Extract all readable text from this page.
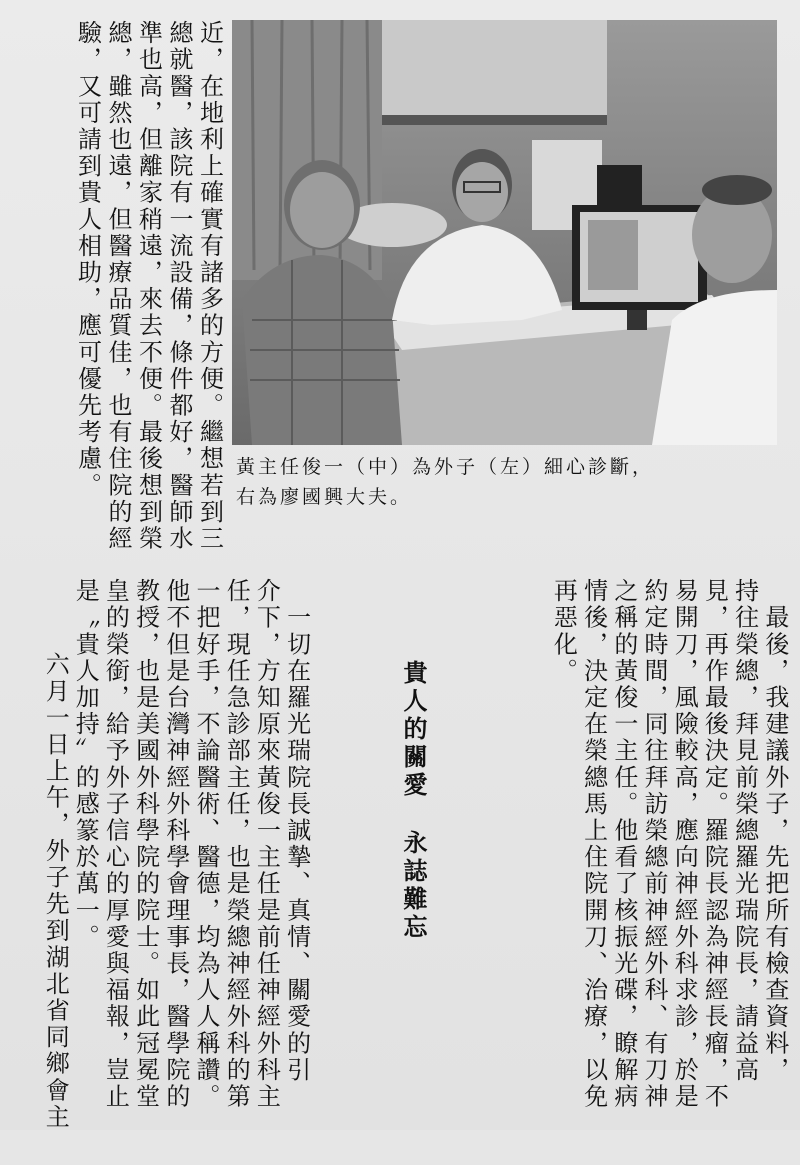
近，在地利上確實有諸多的方便。繼想若到三
總就醫，該院有一流設備，條件都好，醫師水
準也高，但離家稍遠，來去不便。最後想到榮
總，雖然也遠，但醫療品質佳，也有住院的經
驗，又可請到貴人相助，應可優先考慮。	黃主任俊一（中）為外子（左）細心診斷，
右為廖國興大夫。
　最後，我建議外子，先把所有檢查資料，
持往榮總，拜見前榮總羅光瑞院長，請益高
見，再作最後決定。羅院長認為神經長瘤，不
易開刀，風險較高，應向神經外科求診，於是
約定時間，同往拜訪榮總前神經外科、有刀神
之稱的黃俊一主任。他看了核振光碟，瞭解病
情後，決定在榮總馬上住院開刀、治療，以免
再惡化。

貴人的關愛永誌難忘

　一切在羅光瑞院長誠摯、真情、關愛的引
介下，方知原來黃俊一主任是前任神經外科主
任，現任急診部主任，也是榮總神經外科的第
一把好手，不論醫術、醫德，均為人人稱讚。
他不但是台灣神經外科學會理事長，醫學院的
教授，也是美國外科學院的院士。如此冠冕堂
皇的榮銜，給予外子信心的厚愛與福報，豈止
是〝貴人加持〞的感篆於萬一。
　六月一日上午，外子先到湖北省同鄉會主
